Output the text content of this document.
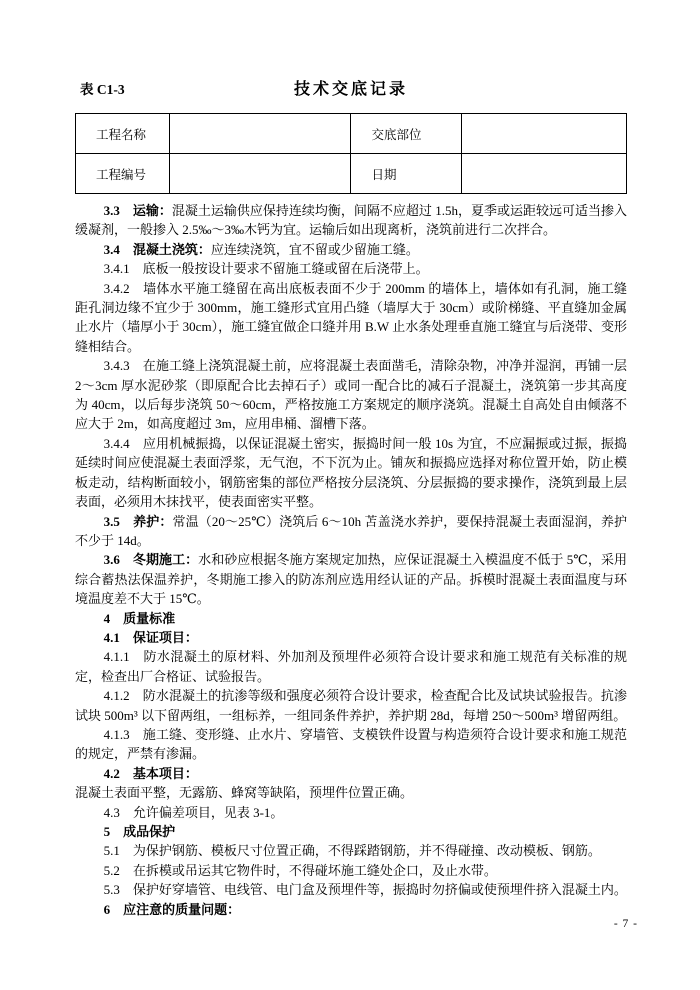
表 C1-3	技术交底记录
工程名称		交底部位	
工程编号		日期	

3.3　运输：混凝土运输供应保持连续均衡，间隔不应超过 1.5h，夏季或运距较远可适当掺入缓凝剂，一般掺入 2.5‰～3‰木钙为宜。运输后如出现离析，浇筑前进行二次拌合。

3.4　混凝土浇筑：应连续浇筑，宜不留或少留施工缝。

3.4.1　底板一般按设计要求不留施工缝或留在后浇带上。

3.4.2　墙体水平施工缝留在高出底板表面不少于 200mm 的墙体上，墙体如有孔洞，施工缝距孔洞边缘不宜少于 300mm，施工缝形式宜用凸缝（墙厚大于 30cm）或阶梯缝、平直缝加金属止水片（墙厚小于 30cm），施工缝宜做企口缝并用 B.W 止水条处理垂直施工缝宜与后浇带、变形缝相结合。

3.4.3　在施工缝上浇筑混凝土前，应将混凝土表面凿毛，清除杂物，冲净并湿润，再铺一层 2～3cm 厚水泥砂浆（即原配合比去掉石子）或同一配合比的减石子混凝土，浇筑第一步其高度为 40cm，以后每步浇筑 50～60cm，严格按施工方案规定的顺序浇筑。混凝土自高处自由倾落不应大于 2m，如高度超过 3m，应用串桶、溜槽下落。

3.4.4　应用机械振捣，以保证混凝土密实，振捣时间一般 10s 为宜，不应漏振或过振，振捣延续时间应使混凝土表面浮浆，无气泡，不下沉为止。铺灰和振捣应选择对称位置开始，防止模板走动，结构断面较小，钢筋密集的部位严格按分层浇筑、分层振捣的要求操作，浇筑到最上层表面，必须用木抹找平，使表面密实平整。

3.5　养护：常温（20～25℃）浇筑后 6～10h 苫盖浇水养护，要保持混凝土表面湿润，养护不少于 14d。

3.6　冬期施工：水和砂应根据冬施方案规定加热，应保证混凝土入模温度不低于 5℃，采用综合蓄热法保温养护，冬期施工掺入的防冻剂应选用经认证的产品。拆模时混凝土表面温度与环境温度差不大于 15℃。

4　质量标准

4.1　保证项目：

4.1.1　防水混凝土的原材料、外加剂及预埋件必须符合设计要求和施工规范有关标准的规定，检查出厂合格证、试验报告。

4.1.2　防水混凝土的抗渗等级和强度必须符合设计要求，检查配合比及试块试验报告。抗渗试块 500m³ 以下留两组，一组标养，一组同条件养护，养护期 28d，每增 250～500m³ 增留两组。

4.1.3　施工缝、变形缝、止水片、穿墙管、支模铁件设置与构造须符合设计要求和施工规范的规定，严禁有渗漏。

4.2　基本项目：

混凝土表面平整，无露筋、蜂窝等缺陷，预埋件位置正确。

4.3　允许偏差项目，见表 3-1。

5　成品保护

5.1　为保护钢筋、模板尺寸位置正确，不得踩踏钢筋，并不得碰撞、改动模板、钢筋。

5.2　在拆模或吊运其它物件时，不得碰坏施工缝处企口，及止水带。

5.3　保护好穿墙管、电线管、电门盒及预埋件等，振捣时勿挤偏或使预埋件挤入混凝土内。

6　应注意的质量问题：

- 7 -
